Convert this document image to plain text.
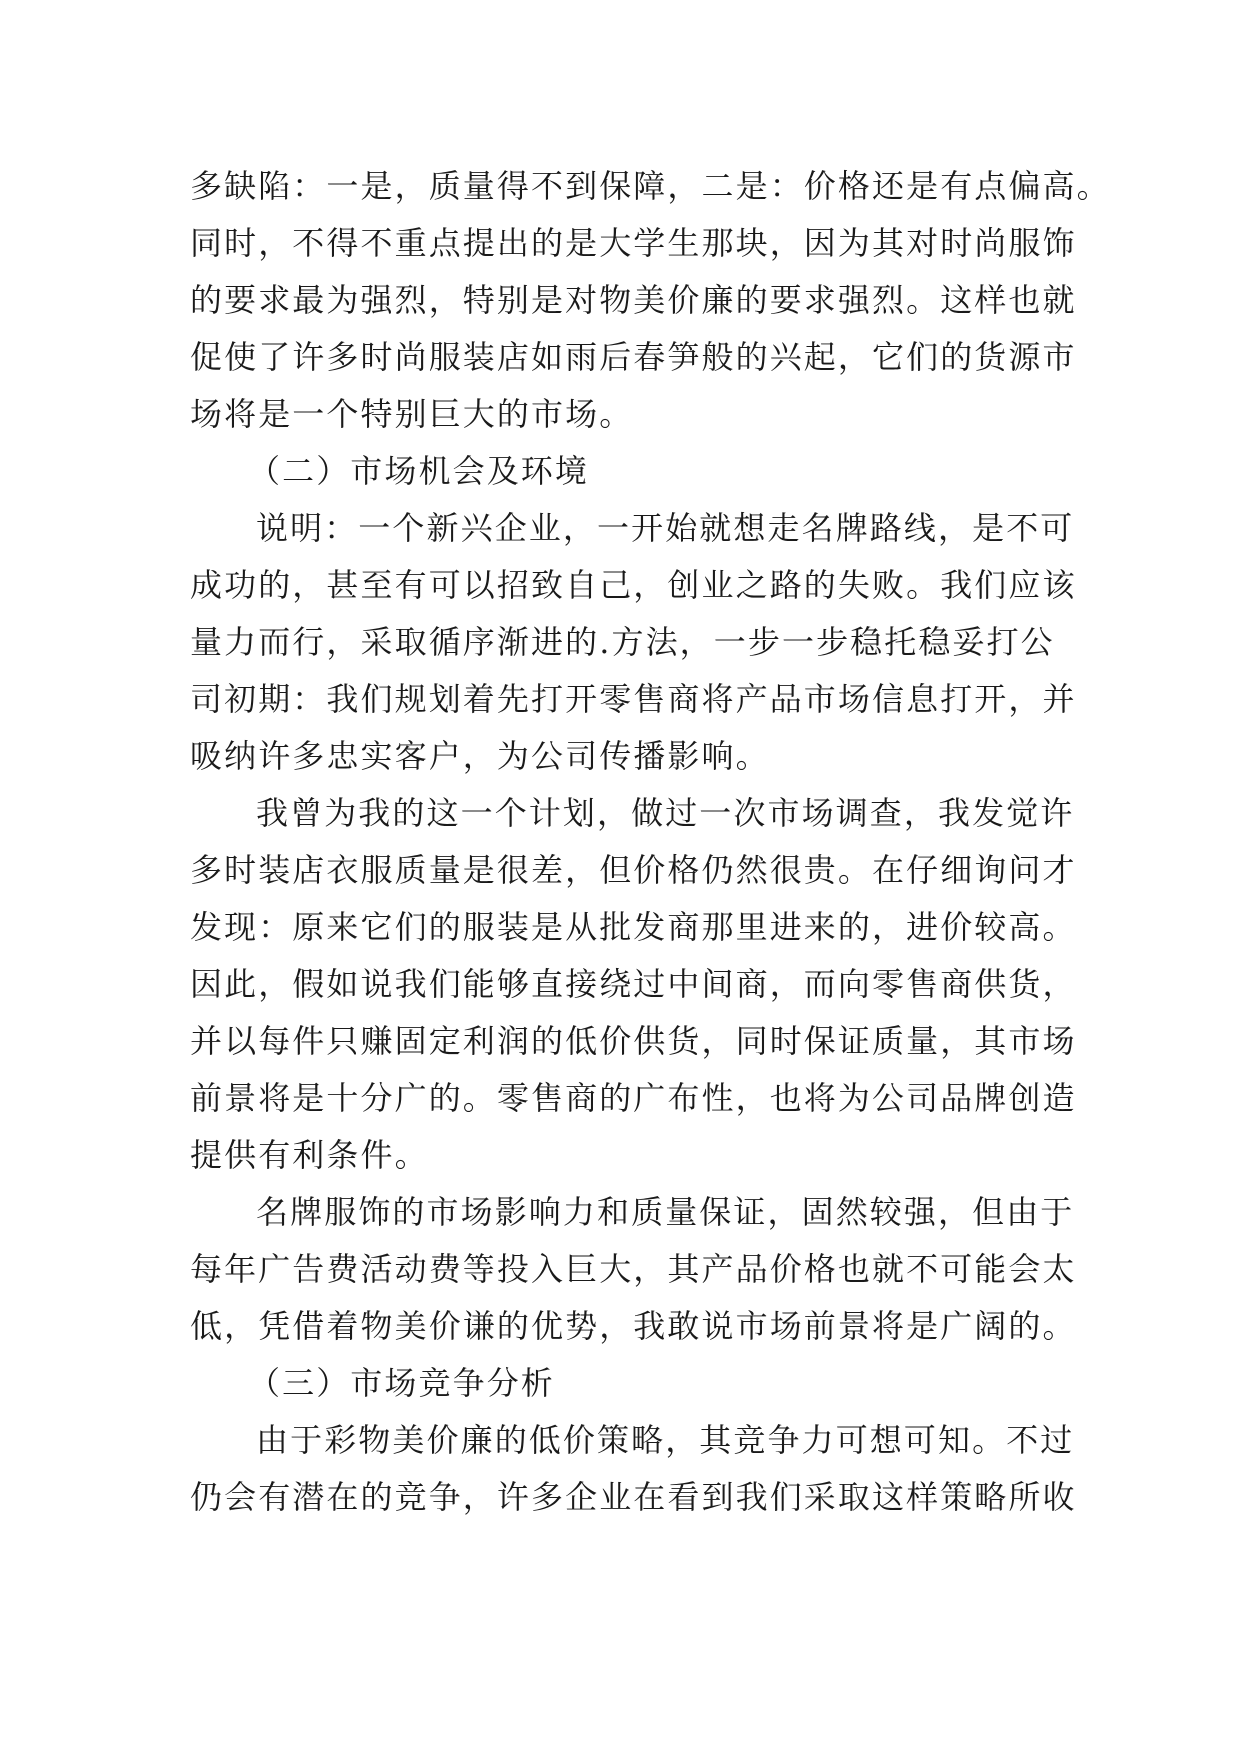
多缺陷：一是，质量得不到保障，二是：价格还是有点偏高。
同时，不得不重点提出的是大学生那块，因为其对时尚服饰
的要求最为强烈，特别是对物美价廉的要求强烈。这样也就
促使了许多时尚服装店如雨后春笋般的兴起，它们的货源市
场将是一个特别巨大的市场。
（二）市场机会及环境
说明：一个新兴企业，一开始就想走名牌路线，是不可
成功的，甚至有可以招致自己，创业之路的失败。我们应该
量力而行，采取循序渐进的.方法，一步一步稳托稳妥打公
司初期：我们规划着先打开零售商将产品市场信息打开，并
吸纳许多忠实客户，为公司传播影响。
我曾为我的这一个计划，做过一次市场调查，我发觉许
多时装店衣服质量是很差，但价格仍然很贵。在仔细询问才
发现：原来它们的服装是从批发商那里进来的，进价较高。
因此，假如说我们能够直接绕过中间商，而向零售商供货，
并以每件只赚固定利润的低价供货，同时保证质量，其市场
前景将是十分广的。零售商的广布性，也将为公司品牌创造
提供有利条件。
名牌服饰的市场影响力和质量保证，固然较强，但由于
每年广告费活动费等投入巨大，其产品价格也就不可能会太
低，凭借着物美价谦的优势，我敢说市场前景将是广阔的。
（三）市场竞争分析
由于彩物美价廉的低价策略，其竞争力可想可知。不过
仍会有潜在的竞争，许多企业在看到我们采取这样策略所收
